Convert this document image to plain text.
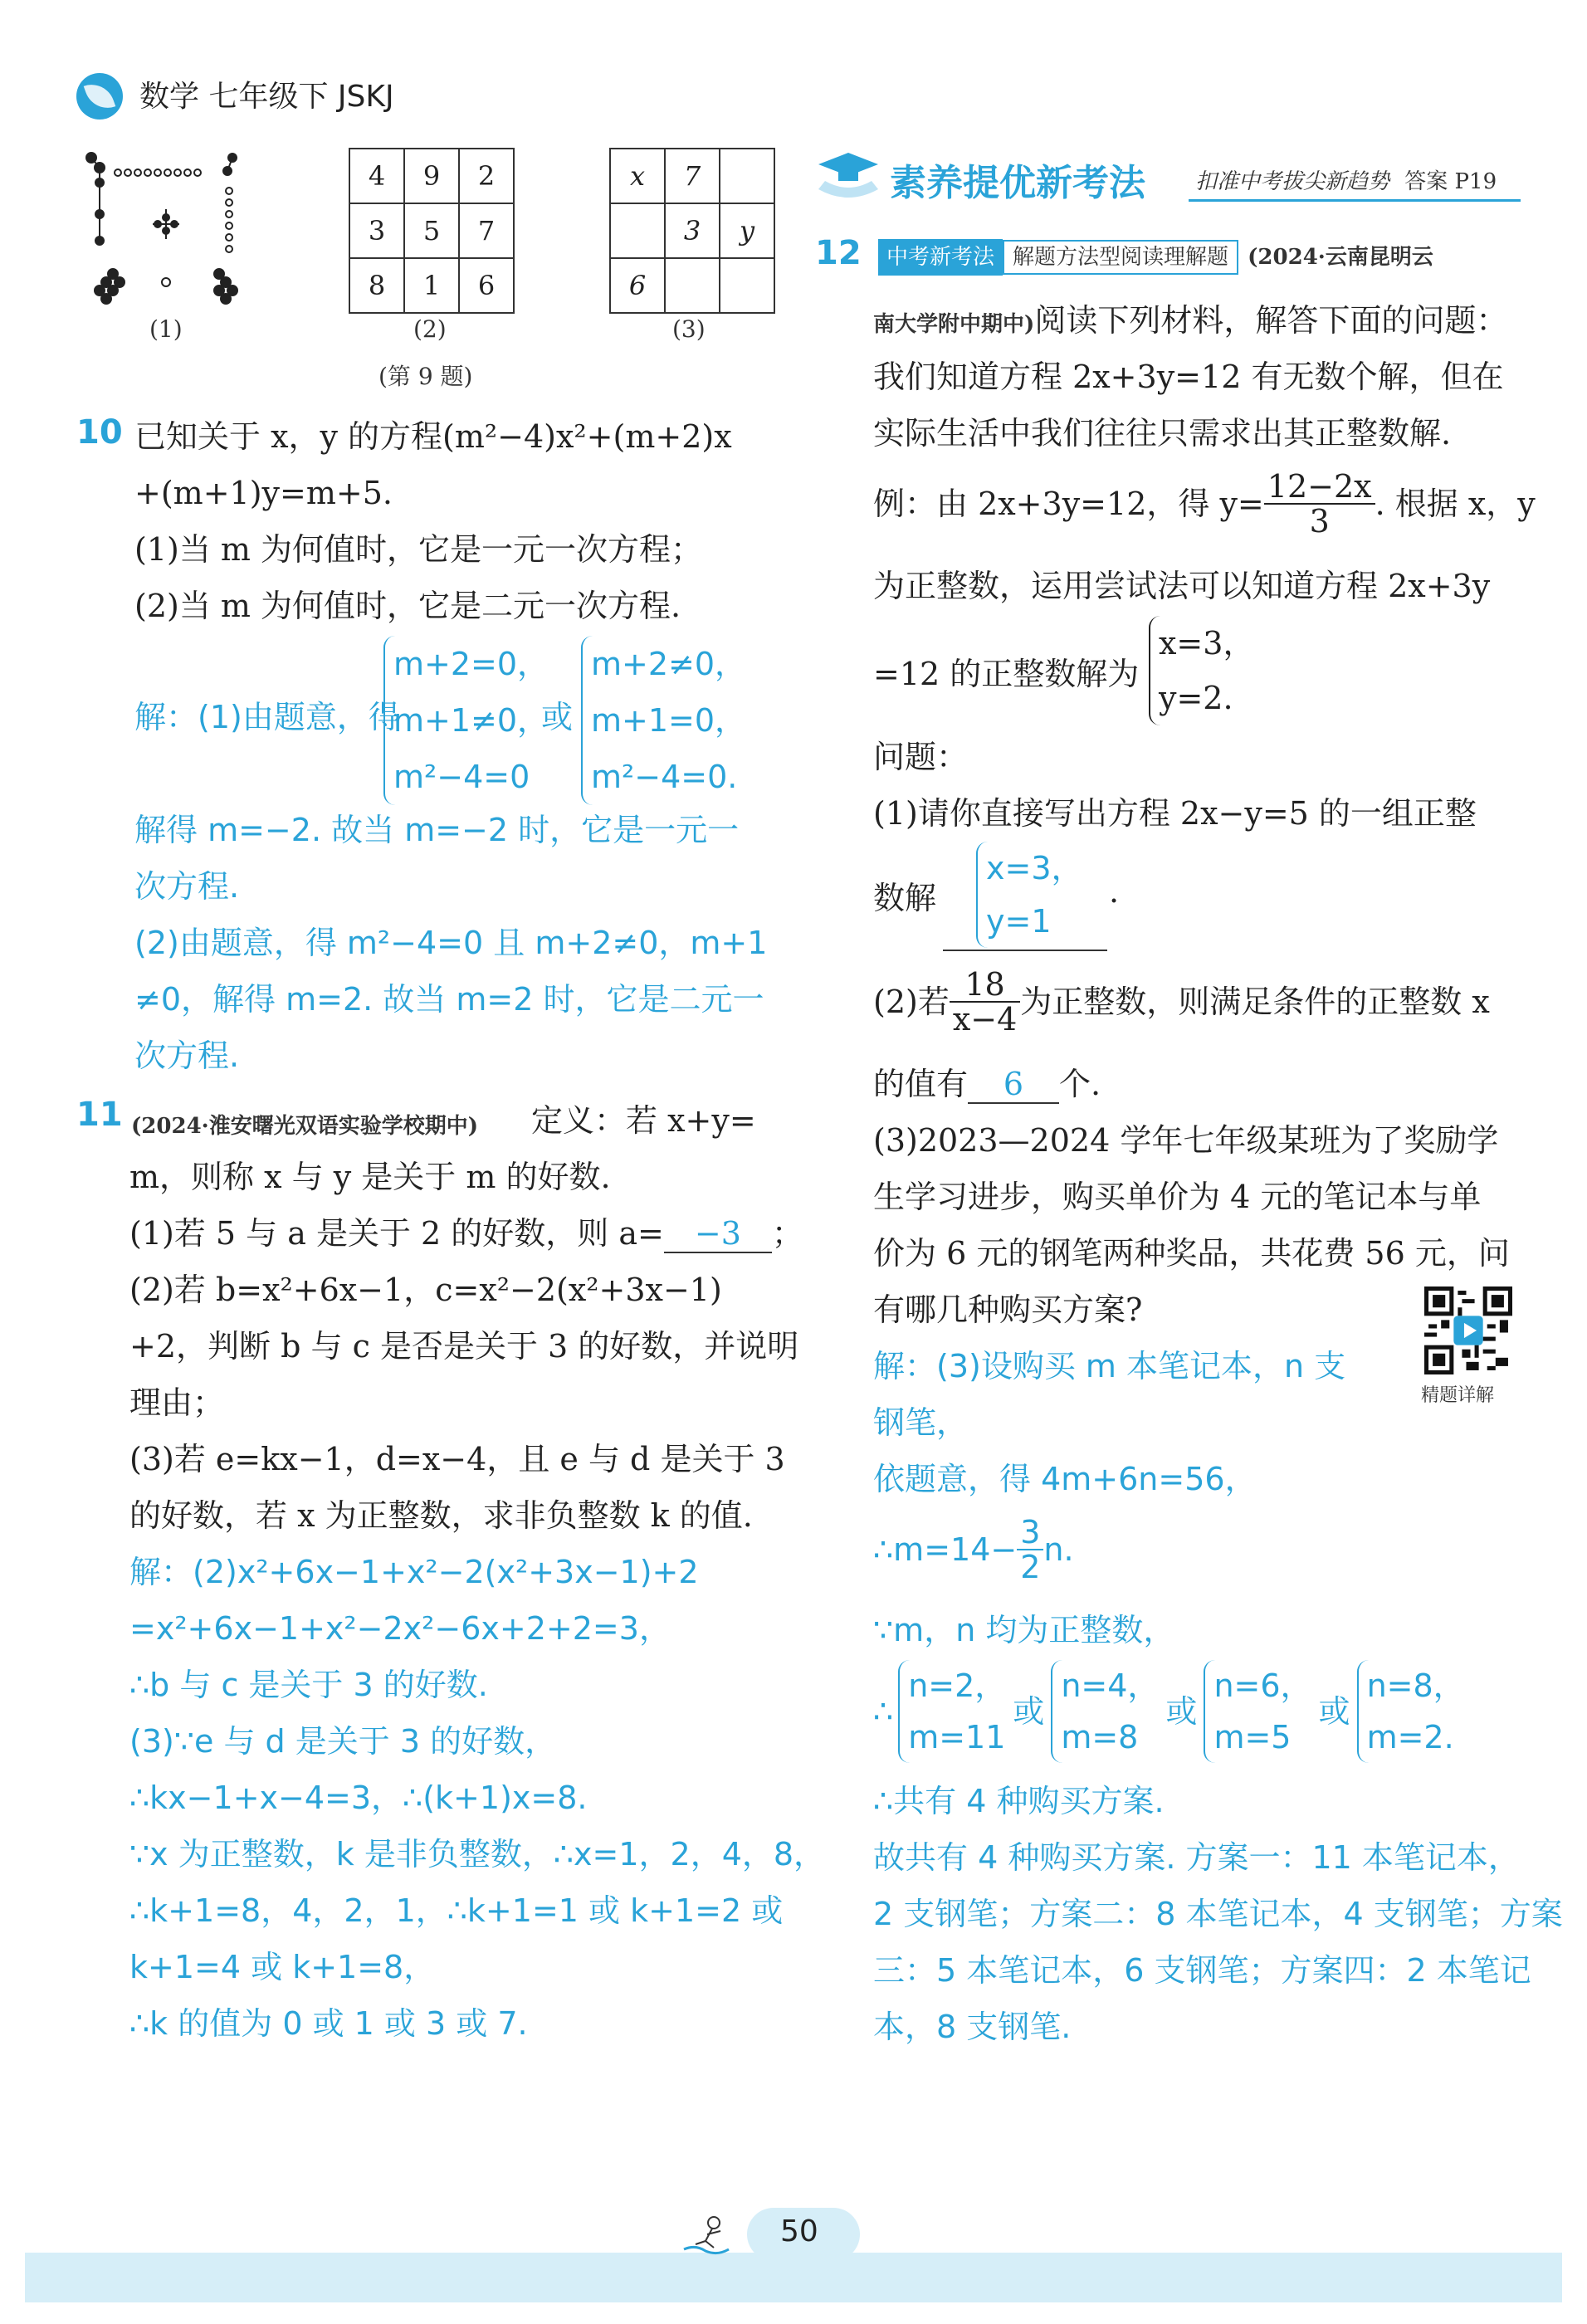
数学 七年级下 JSKJ
(1)
4	9	2
3	5	7
8	1	6
(2)
x	7	
	3	y
6		
(3)
(第 9 题)
10 已知关于 x，y 的方程(m²−4)x²+(m+2)x
+(m+1)y=m+5.
(1)当 m 为何值时，它是一元一次方程；
(2)当 m 为何值时，它是二元一次方程.
解：(1)由题意，得
m+2=0，
m+1≠0，
m²−4=0
或
m+2≠0，
m+1=0，
m²−4=0.
解得 m=−2. 故当 m=−2 时，它是一元一
次方程.
(2)由题意，得 m²−4=0 且 m+2≠0，m+1
≠0，解得 m=2. 故当 m=2 时，它是二元一
次方程.
11 (2024·淮安曙光双语实验学校期中) 定义：若 x+y=
m，则称 x 与 y 是关于 m 的好数.
(1)若 5 与 a 是关于 2 的好数，则 a= −3 ；
(2)若 b=x²+6x−1，c=x²−2(x²+3x−1)
+2，判断 b 与 c 是否是关于 3 的好数，并说明
理由；
(3)若 e=kx−1，d=x−4，且 e 与 d 是关于 3
的好数，若 x 为正整数，求非负整数 k 的值.
解：(2)x²+6x−1+x²−2(x²+3x−1)+2
=x²+6x−1+x²−2x²−6x+2+2=3，
∴b 与 c 是关于 3 的好数.
(3)∵e 与 d 是关于 3 的好数，
∴kx−1+x−4=3，∴(k+1)x=8.
∵x 为正整数，k 是非负整数，∴x=1，2，4，8，
∴k+1=8，4，2，1，∴k+1=1 或 k+1=2 或
k+1=4 或 k+1=8，
∴k 的值为 0 或 1 或 3 或 7.
素养提优新考法 扣准中考拔尖新趋势 答案 P19
12	中考新考法 解题方法型阅读理解题 (2024·云南昆明云
南大学附中期中)阅读下列材料，解答下面的问题：
我们知道方程 2x+3y=12 有无数个解，但在
实际生活中我们往往只需求出其正整数解.
例：由 2x+3y=12，得 $y= \frac{12-2x}{3}$ . 根据 x，y
为正整数，运用尝试法可以知道方程 2x+3y
=12 的正整数解为
x=3，
y=2.
问题：
(1)请你直接写出方程 2x−y=5 的一组正整
数解
x=3，
y=1
.
(2)若 $\frac{18}{x-4}$ 为正整数，则满足条件的正整数 x
的值有 6 个.
(3)2023—2024 学年七年级某班为了奖励学
生学习进步，购买单价为 4 元的笔记本与单
价为 6 元的钢笔两种奖品，共花费 56 元，问
有哪几种购买方案?
精题详解
解：(3)设购买 m 本笔记本，n 支
钢笔，
依题意，得 4m+6n=56，
∴m=14− $\frac{3}{2} n$.
∵m，n 均为正整数，
∴
n=2，
m=11
或
n=4，
m=8
或
n=6，
m=5
或
n=8，
m=2.
∴共有 4 种购买方案.
故共有 4 种购买方案. 方案一：11 本笔记本，
2 支钢笔；方案二：8 本笔记本，4 支钢笔；方案
三：5 本笔记本，6 支钢笔；方案四：2 本笔记
本，8 支钢笔.
50
